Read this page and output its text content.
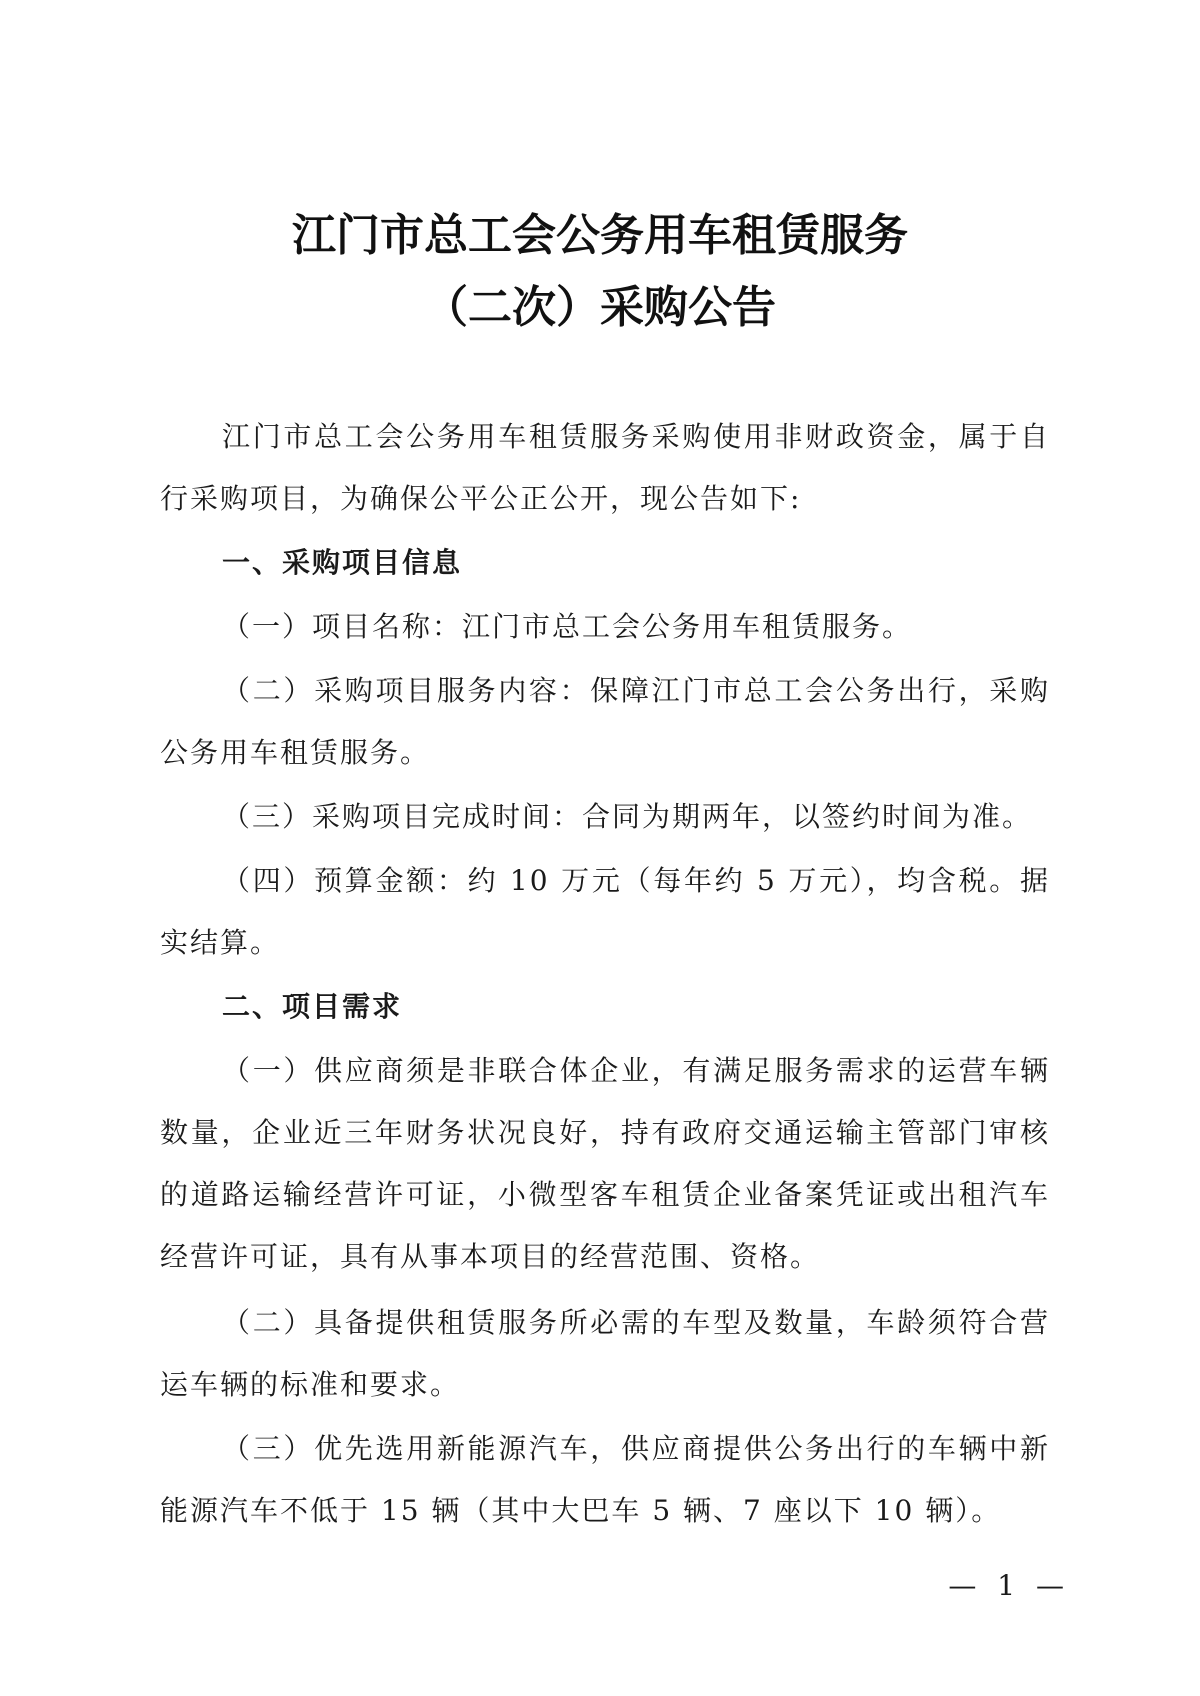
江门市总工会公务用车租赁服务
（二次）采购公告
江门市总工会公务用车租赁服务采购使用非财政资金，属于自行采购项目，为确保公平公正公开，现公告如下:
一、采购项目信息
（一）项目名称：江门市总工会公务用车租赁服务。
（二）采购项目服务内容：保障江门市总工会公务出行，采购公务用车租赁服务。
（三）采购项目完成时间：合同为期两年，以签约时间为准。
（四）预算金额：约 10 万元（每年约 5 万元），均含税。据实结算。
二、项目需求
（一）供应商须是非联合体企业，有满足服务需求的运营车辆数量，企业近三年财务状况良好，持有政府交通运输主管部门审核的道路运输经营许可证，小微型客车租赁企业备案凭证或出租汽车经营许可证，具有从事本项目的经营范围、资格。
（二）具备提供租赁服务所必需的车型及数量，车龄须符合营运车辆的标准和要求。
（三）优先选用新能源汽车，供应商提供公务出行的车辆中新能源汽车不低于 15 辆（其中大巴车 5 辆、7 座以下 10 辆）。
— 1 —
